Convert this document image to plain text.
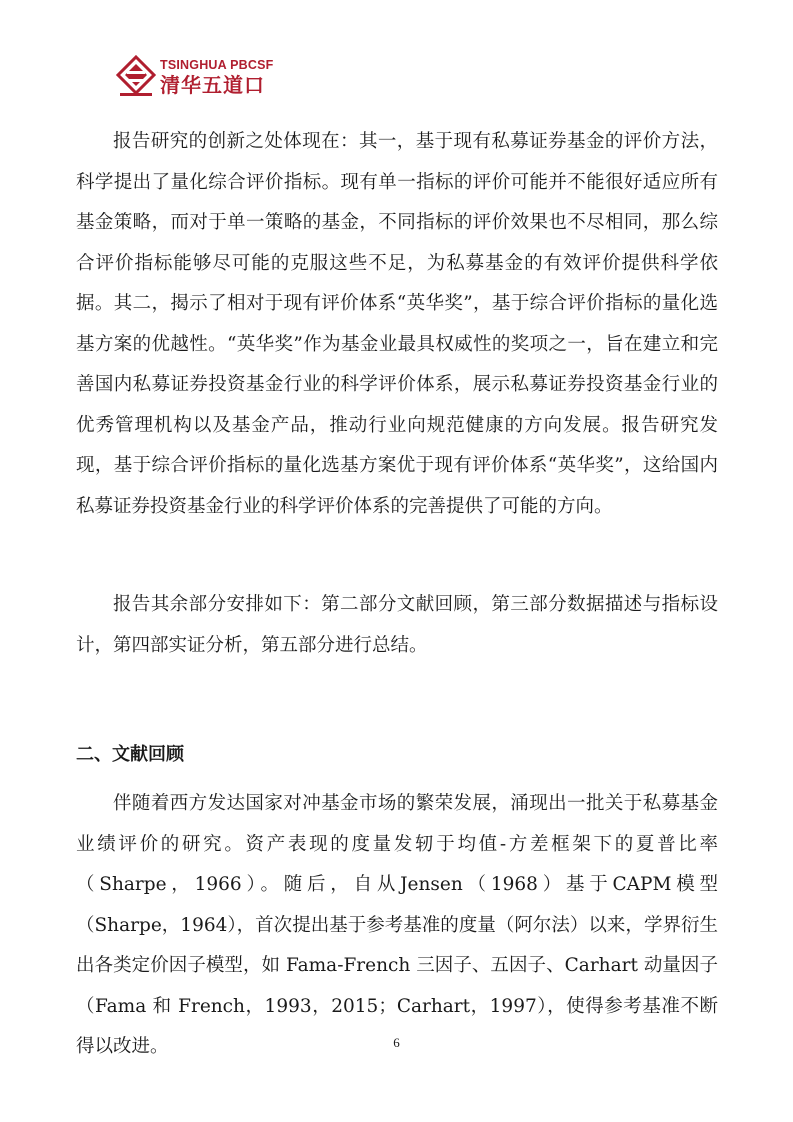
TSINGHUA PBCSF
清华五道口

报告研究的创新之处体现在：其一，基于现有私募证券基金的评价方法，科学提出了量化综合评价指标。现有单一指标的评价可能并不能很好适应所有基金策略，而对于单一策略的基金，不同指标的评价效果也不尽相同，那么综合评价指标能够尽可能的克服这些不足，为私募基金的有效评价提供科学依据。其二，揭示了相对于现有评价体系“英华奖”，基于综合评价指标的量化选基方案的优越性。“英华奖”作为基金业最具权威性的奖项之一，旨在建立和完善国内私募证券投资基金行业的科学评价体系，展示私募证券投资基金行业的优秀管理机构以及基金产品，推动行业向规范健康的方向发展。报告研究发现，基于综合评价指标的量化选基方案优于现有评价体系“英华奖”，这给国内私募证券投资基金行业的科学评价体系的完善提供了可能的方向。

报告其余部分安排如下：第二部分文献回顾，第三部分数据描述与指标设计，第四部实证分析，第五部分进行总结。

二、文献回顾

伴随着西方发达国家对冲基金市场的繁荣发展，涌现出一批关于私募基金业绩评价的研究。资产表现的度量发轫于均值-方差框架下的夏普比率（Sharpe，1966）。随后，自从Jensen（1968）基于CAPM模型（Sharpe，1964），首次提出基于参考基准的度量（阿尔法）以来，学界衍生出各类定价因子模型，如 Fama-French 三因子、五因子、Carhart 动量因子（Fama 和 French，1993，2015；Carhart，1997），使得参考基准不断得以改进。	6
